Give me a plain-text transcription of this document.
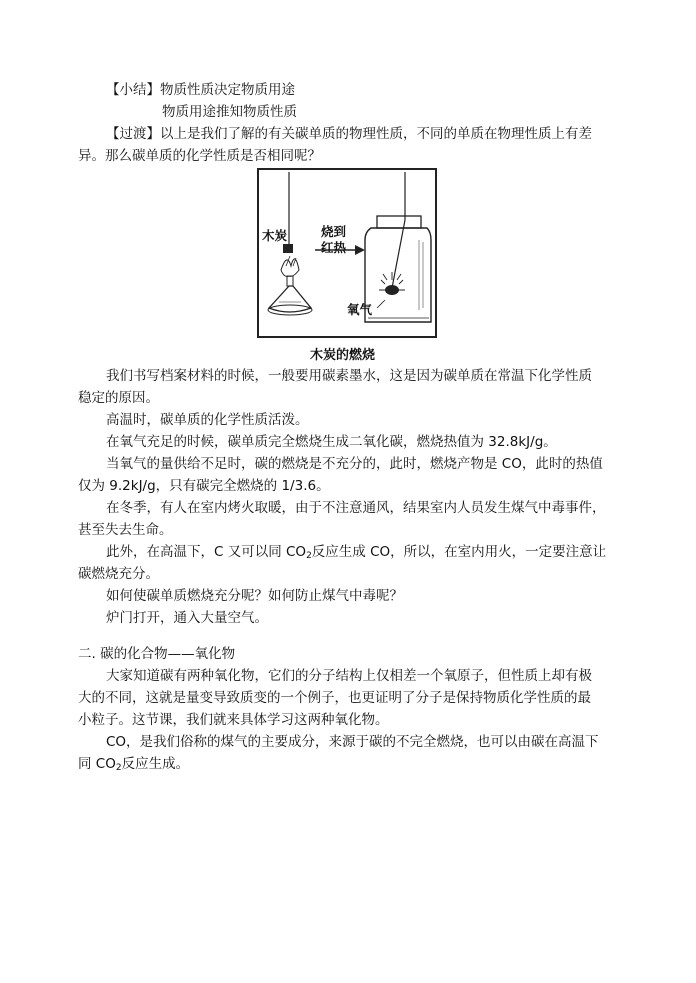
【小结】物质性质决定物质用途
物质用途推知物质性质
【过渡】以上是我们了解的有关碳单质的物理性质，不同的单质在物理性质上有差
异。那么碳单质的化学性质是否相同呢？
木炭	烧到
红热
氧气
木炭的燃烧
我们书写档案材料的时候，一般要用碳素墨水，这是因为碳单质在常温下化学性质
稳定的原因。
高温时，碳单质的化学性质活泼。
在氧气充足的时候，碳单质完全燃烧生成二氧化碳，燃烧热值为 32.8kJ/g。
当氧气的量供给不足时，碳的燃烧是不充分的，此时，燃烧产物是 CO，此时的热值
仅为 9.2kJ/g，只有碳完全燃烧的 1/3.6。
在冬季，有人在室内烤火取暖，由于不注意通风，结果室内人员发生煤气中毒事件，
甚至失去生命。
此外，在高温下，C 又可以同 $CO_2$反应生成 CO，所以，在室内用火，一定要注意让
碳燃烧充分。
如何使碳单质燃烧充分呢？如何防止煤气中毒呢？
炉门打开，通入大量空气。
二. 碳的化合物——氧化物
大家知道碳有两种氧化物，它们的分子结构上仅相差一个氧原子，但性质上却有极
大的不同，这就是量变导致质变的一个例子，也更证明了分子是保持物质化学性质的最
小粒子。这节课，我们就来具体学习这两种氧化物。
CO，是我们俗称的煤气的主要成分，来源于碳的不完全燃烧，也可以由碳在高温下
同 $CO_2$反应生成。
